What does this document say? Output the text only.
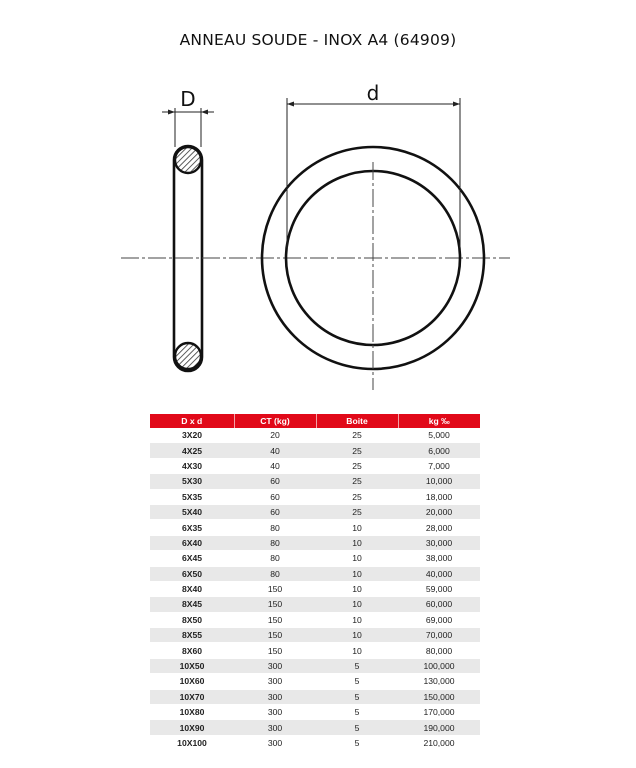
ANNEAU SOUDE - INOX A4 (64909)
D	d
D x d	CT (kg)	Boite	kg ‰
3X20	20	25	5,000
4X25	40	25	6,000
4X30	40	25	7,000
5X30	60	25	10,000
5X35	60	25	18,000
5X40	60	25	20,000
6X35	80	10	28,000
6X40	80	10	30,000
6X45	80	10	38,000
6X50	80	10	40,000
8X40	150	10	59,000
8X45	150	10	60,000
8X50	150	10	69,000
8X55	150	10	70,000
8X60	150	10	80,000
10X50	300	5	100,000
10X60	300	5	130,000
10X70	300	5	150,000
10X80	300	5	170,000
10X90	300	5	190,000
10X100	300	5	210,000
